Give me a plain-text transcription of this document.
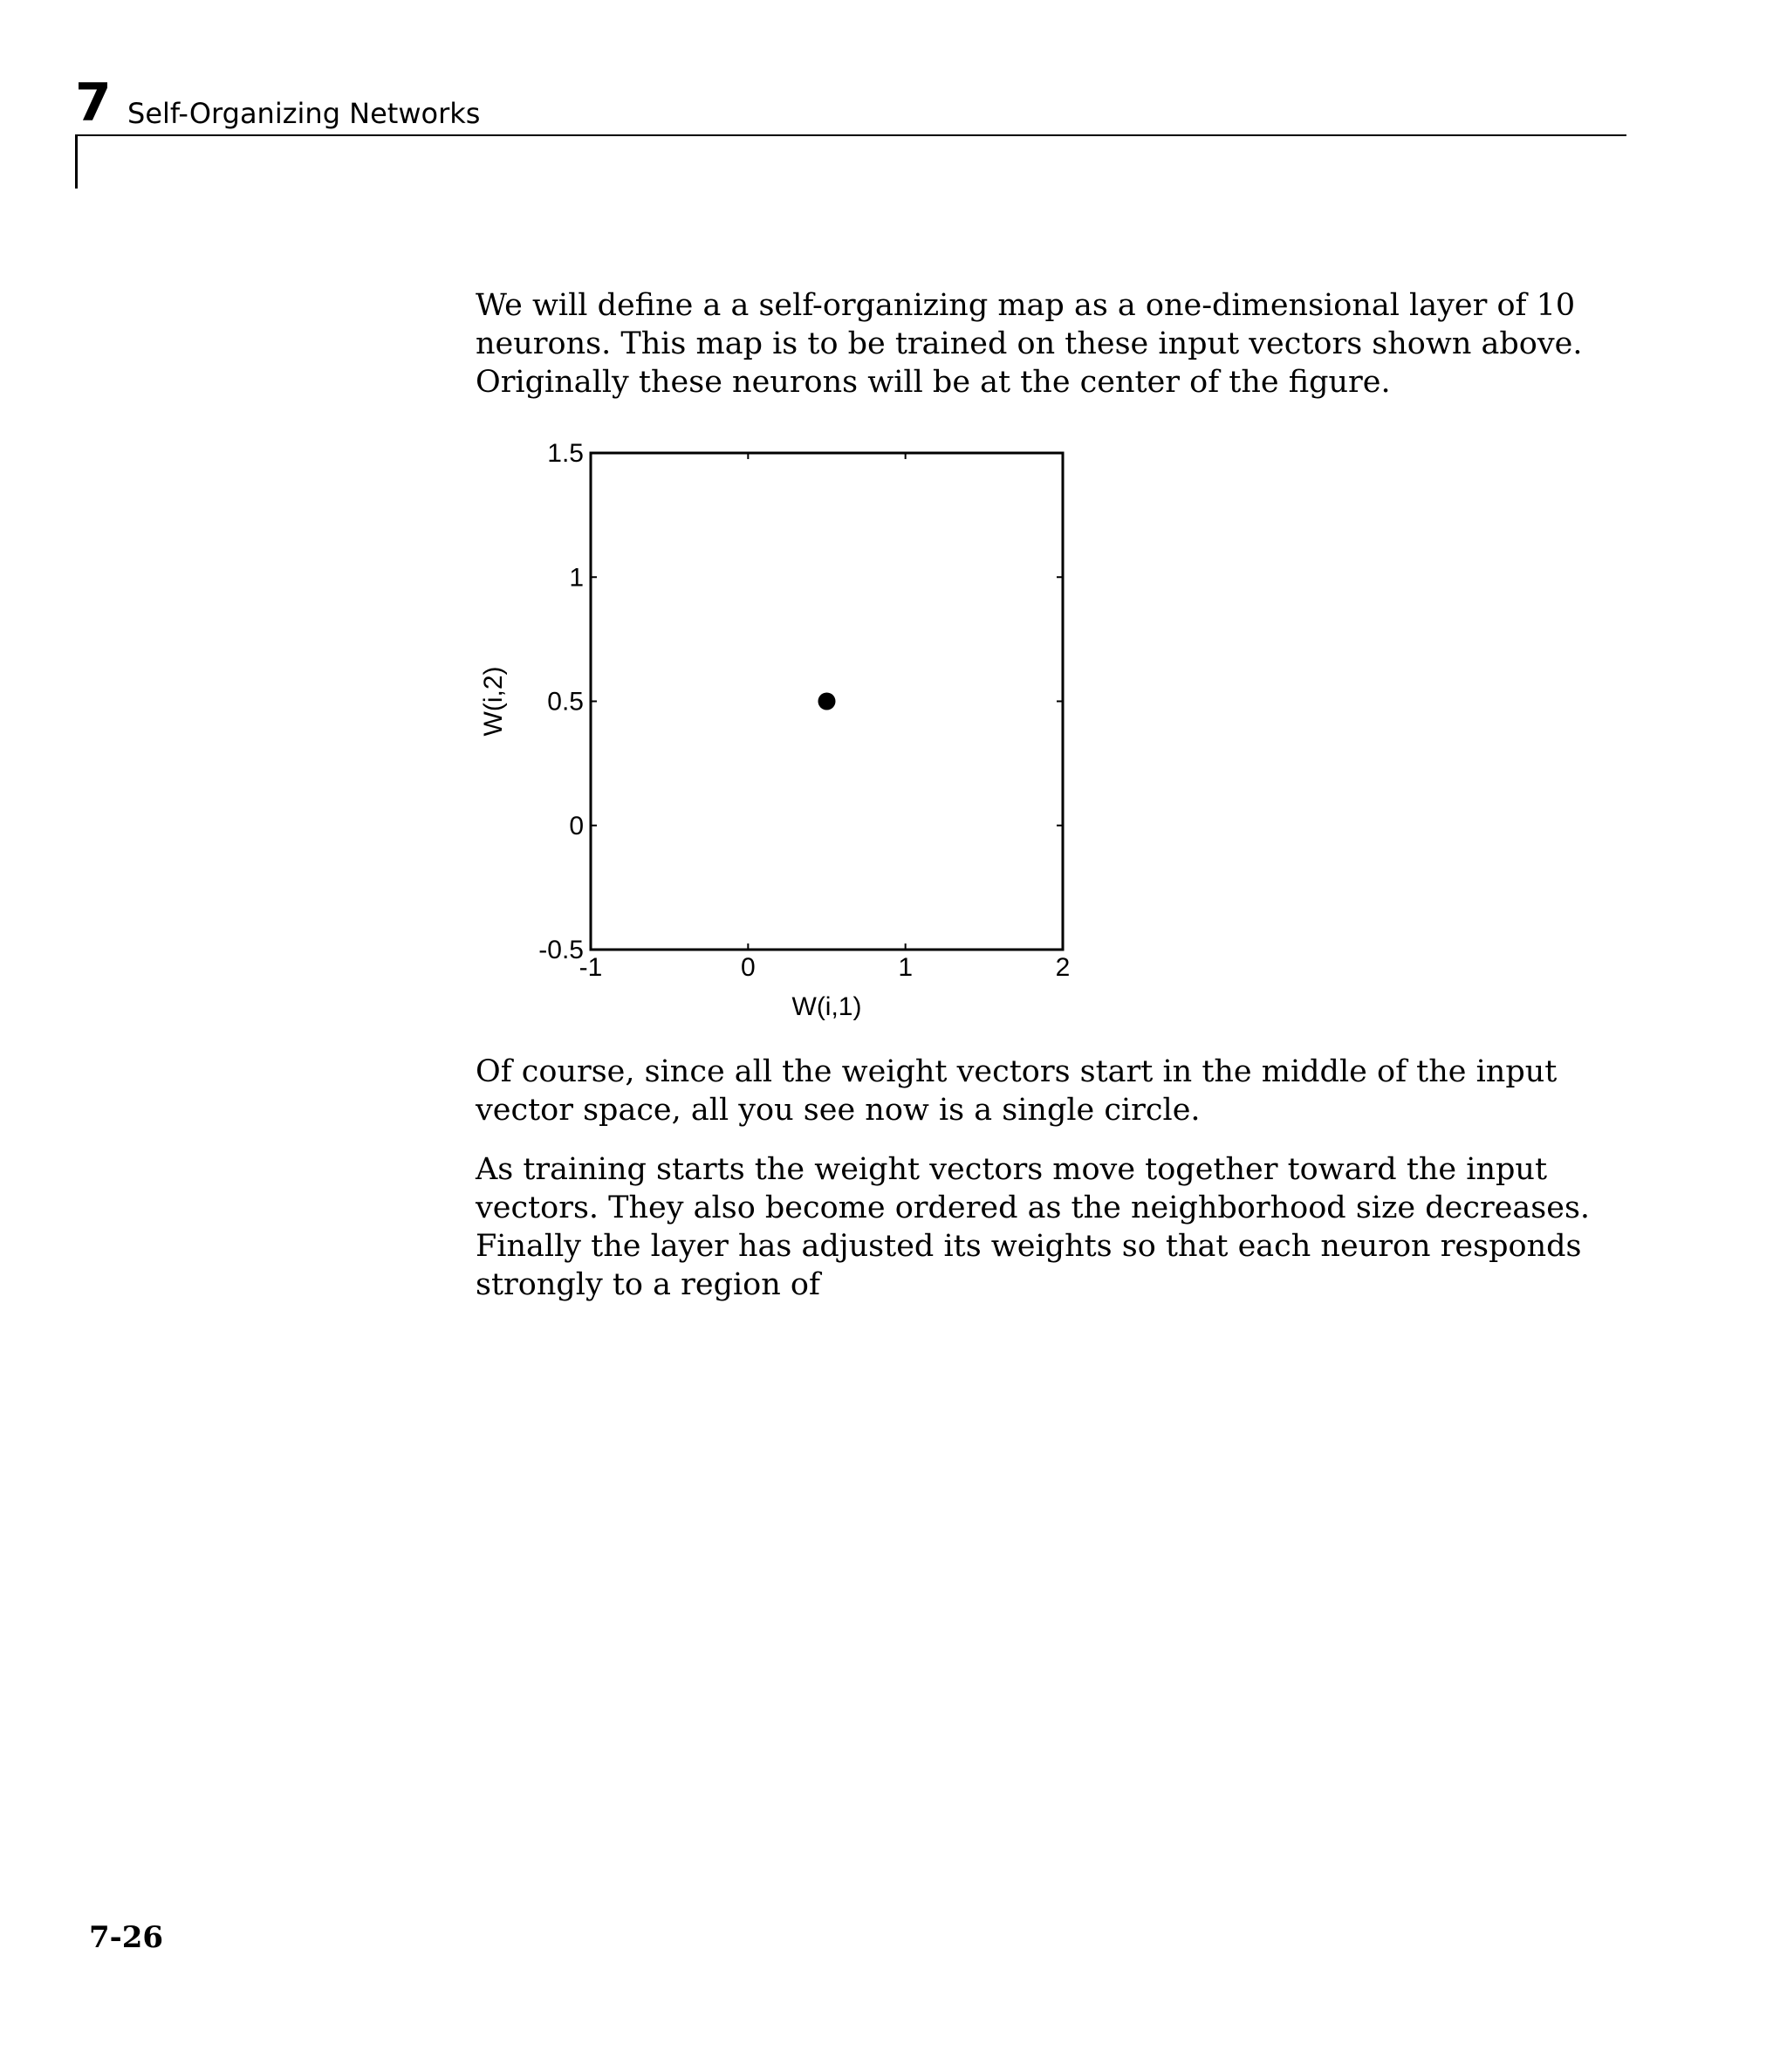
7 Self-Organizing Networks

We will define a a self-organizing map as a one-dimensional layer of 10 neurons. This map is to be trained on these input vectors shown above. Originally these neurons will be at the center of the figure.

-1	0	1	2
-0.5
0
0.5
1
1.5
W(i,1)
W(i,2)

Of course, since all the weight vectors start in the middle of the input vector space, all you see now is a single circle.

As training starts the weight vectors move together toward the input vectors. They also become ordered as the neighborhood size decreases. Finally the layer has adjusted its weights so that each neuron responds strongly to a region of

7-26
